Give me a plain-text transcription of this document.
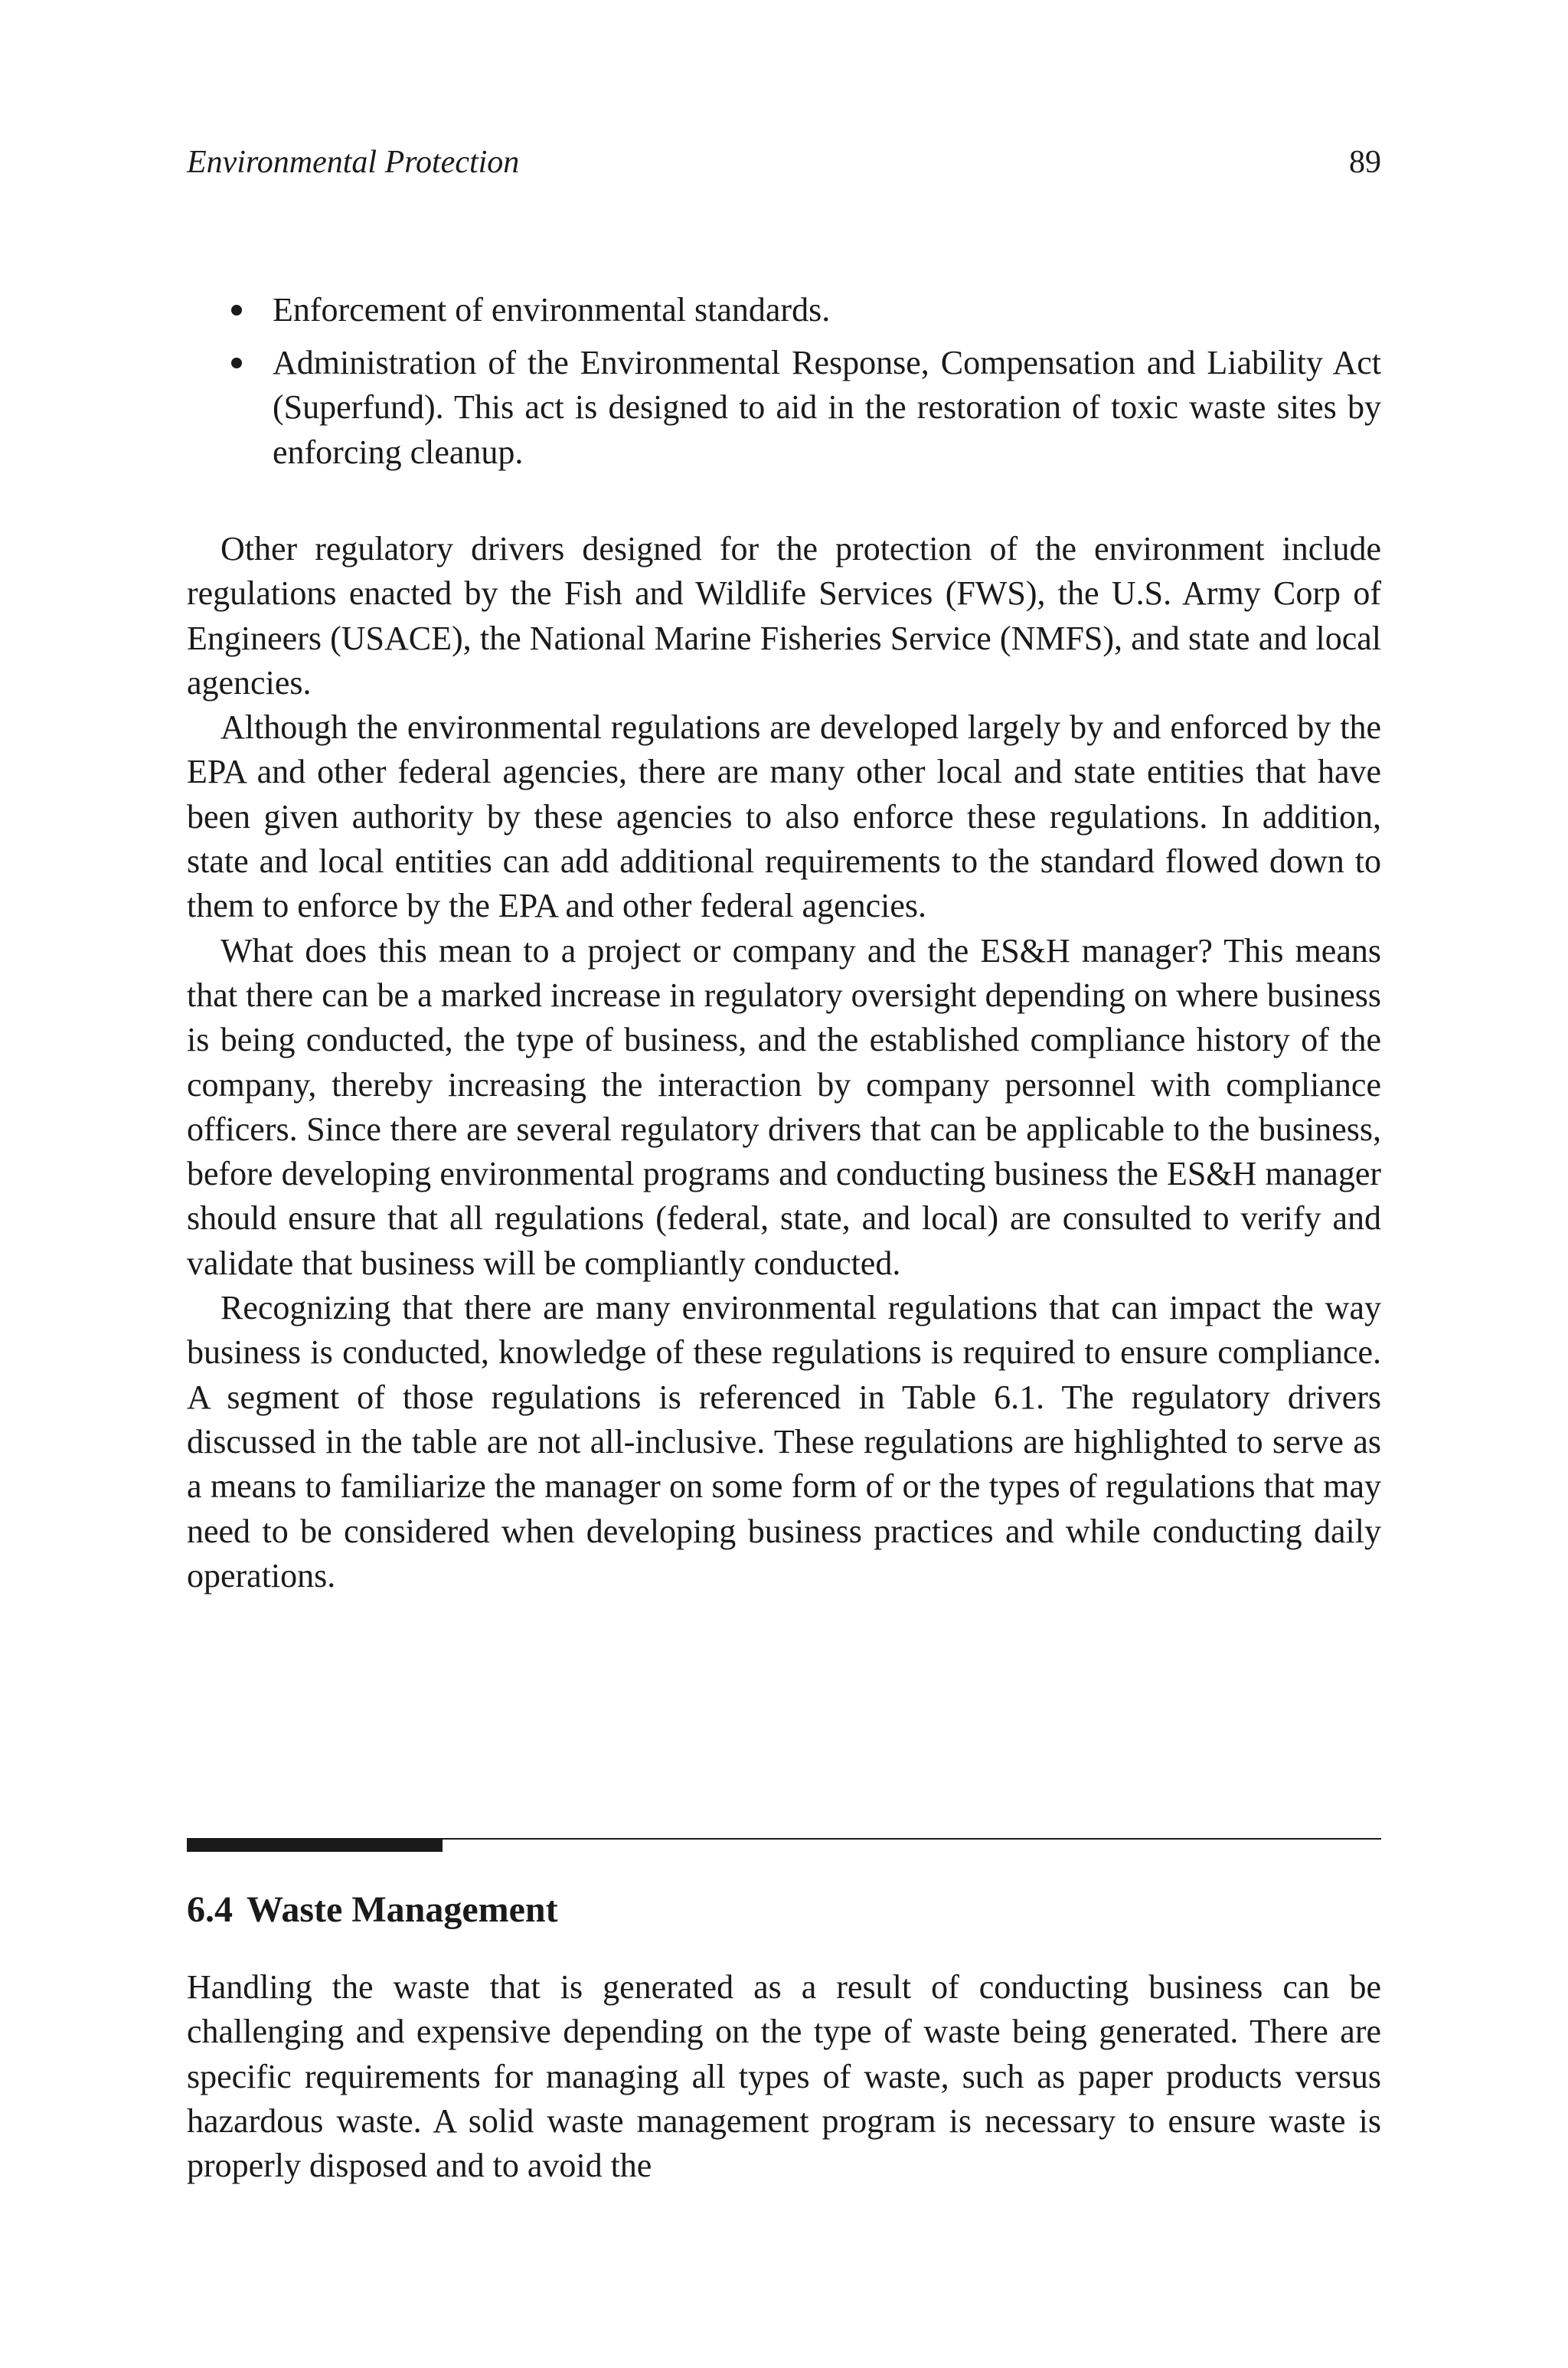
Environmental Protection	89
Enforcement of environmental standards.
Administration of the Environmental Response, Compensation and Liability Act (Superfund). This act is designed to aid in the restoration of toxic waste sites by enforcing cleanup.

Other regulatory drivers designed for the protection of the environment include regulations enacted by the Fish and Wildlife Services (FWS), the U.S. Army Corp of Engineers (USACE), the National Marine Fisheries Service (NMFS), and state and local agencies.

Although the environmental regulations are developed largely by and enforced by the EPA and other federal agencies, there are many other local and state entities that have been given authority by these agencies to also enforce these regulations. In addition, state and local entities can add additional requirements to the standard flowed down to them to enforce by the EPA and other federal agencies.

What does this mean to a project or company and the ES&H manager? This means that there can be a marked increase in regulatory oversight depending on where business is being conducted, the type of business, and the established compliance history of the company, thereby increasing the interaction by company personnel with compliance officers. Since there are several regulatory drivers that can be applicable to the business, before developing environmental programs and conducting business the ES&H manager should ensure that all regulations (federal, state, and local) are consulted to verify and validate that business will be compliantly conducted.

Recognizing that there are many environmental regulations that can impact the way business is conducted, knowledge of these regulations is required to ensure compliance. A segment of those regulations is referenced in Table 6.1. The regulatory drivers discussed in the table are not all-inclusive. These regulations are highlighted to serve as a means to familiarize the manager on some form of or the types of regulations that may need to be considered when developing business practices and while conducting daily operations.

6.4 Waste Management

Handling the waste that is generated as a result of conducting business can be challenging and expensive depending on the type of waste being generated. There are specific requirements for managing all types of waste, such as paper products versus hazardous waste. A solid waste management program is necessary to ensure waste is properly disposed and to avoid the
